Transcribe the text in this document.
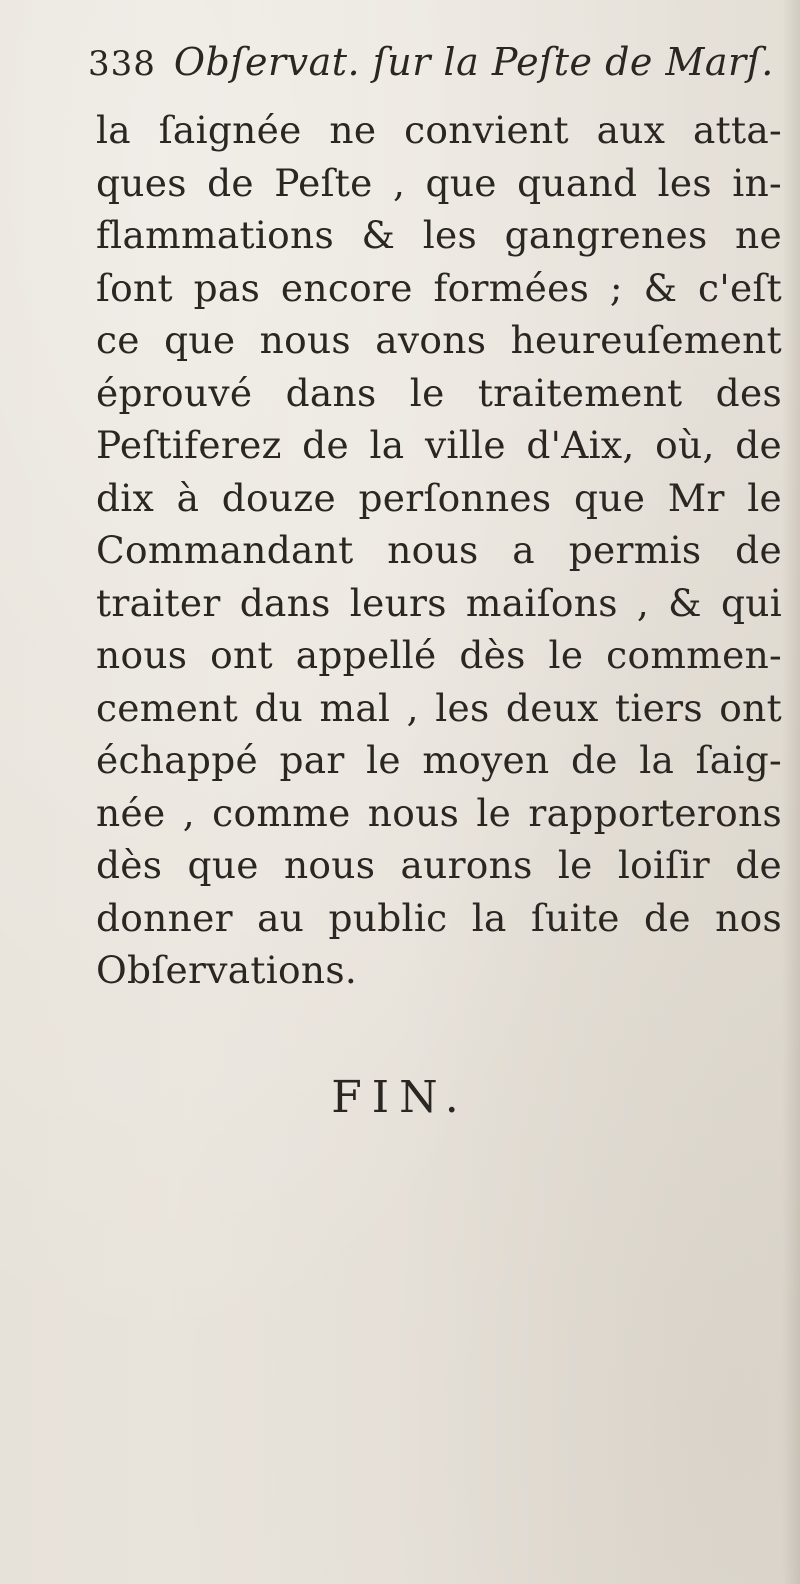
338 Obſervat. ſur la Peſte de Marſ.
la ſaignée ne convient aux atta-
ques de Peſte , que quand les in-
flammations & les gangrenes ne
ſont pas encore formées ; & c'eſt
ce que nous avons heureuſement
éprouvé dans le traitement des
Peſtiferez de la ville d'Aix, où, de
dix à douze perſonnes que Mr le
Commandant nous a permis de
traiter dans leurs maiſons , & qui
nous ont appellé dès le commen-
cement du mal , les deux tiers ont
échappé par le moyen de la ſaig-
née , comme nous le rapporterons
dès que nous aurons le loiſir de
donner au public la ſuite de nos
Obſervations.
FIN.
